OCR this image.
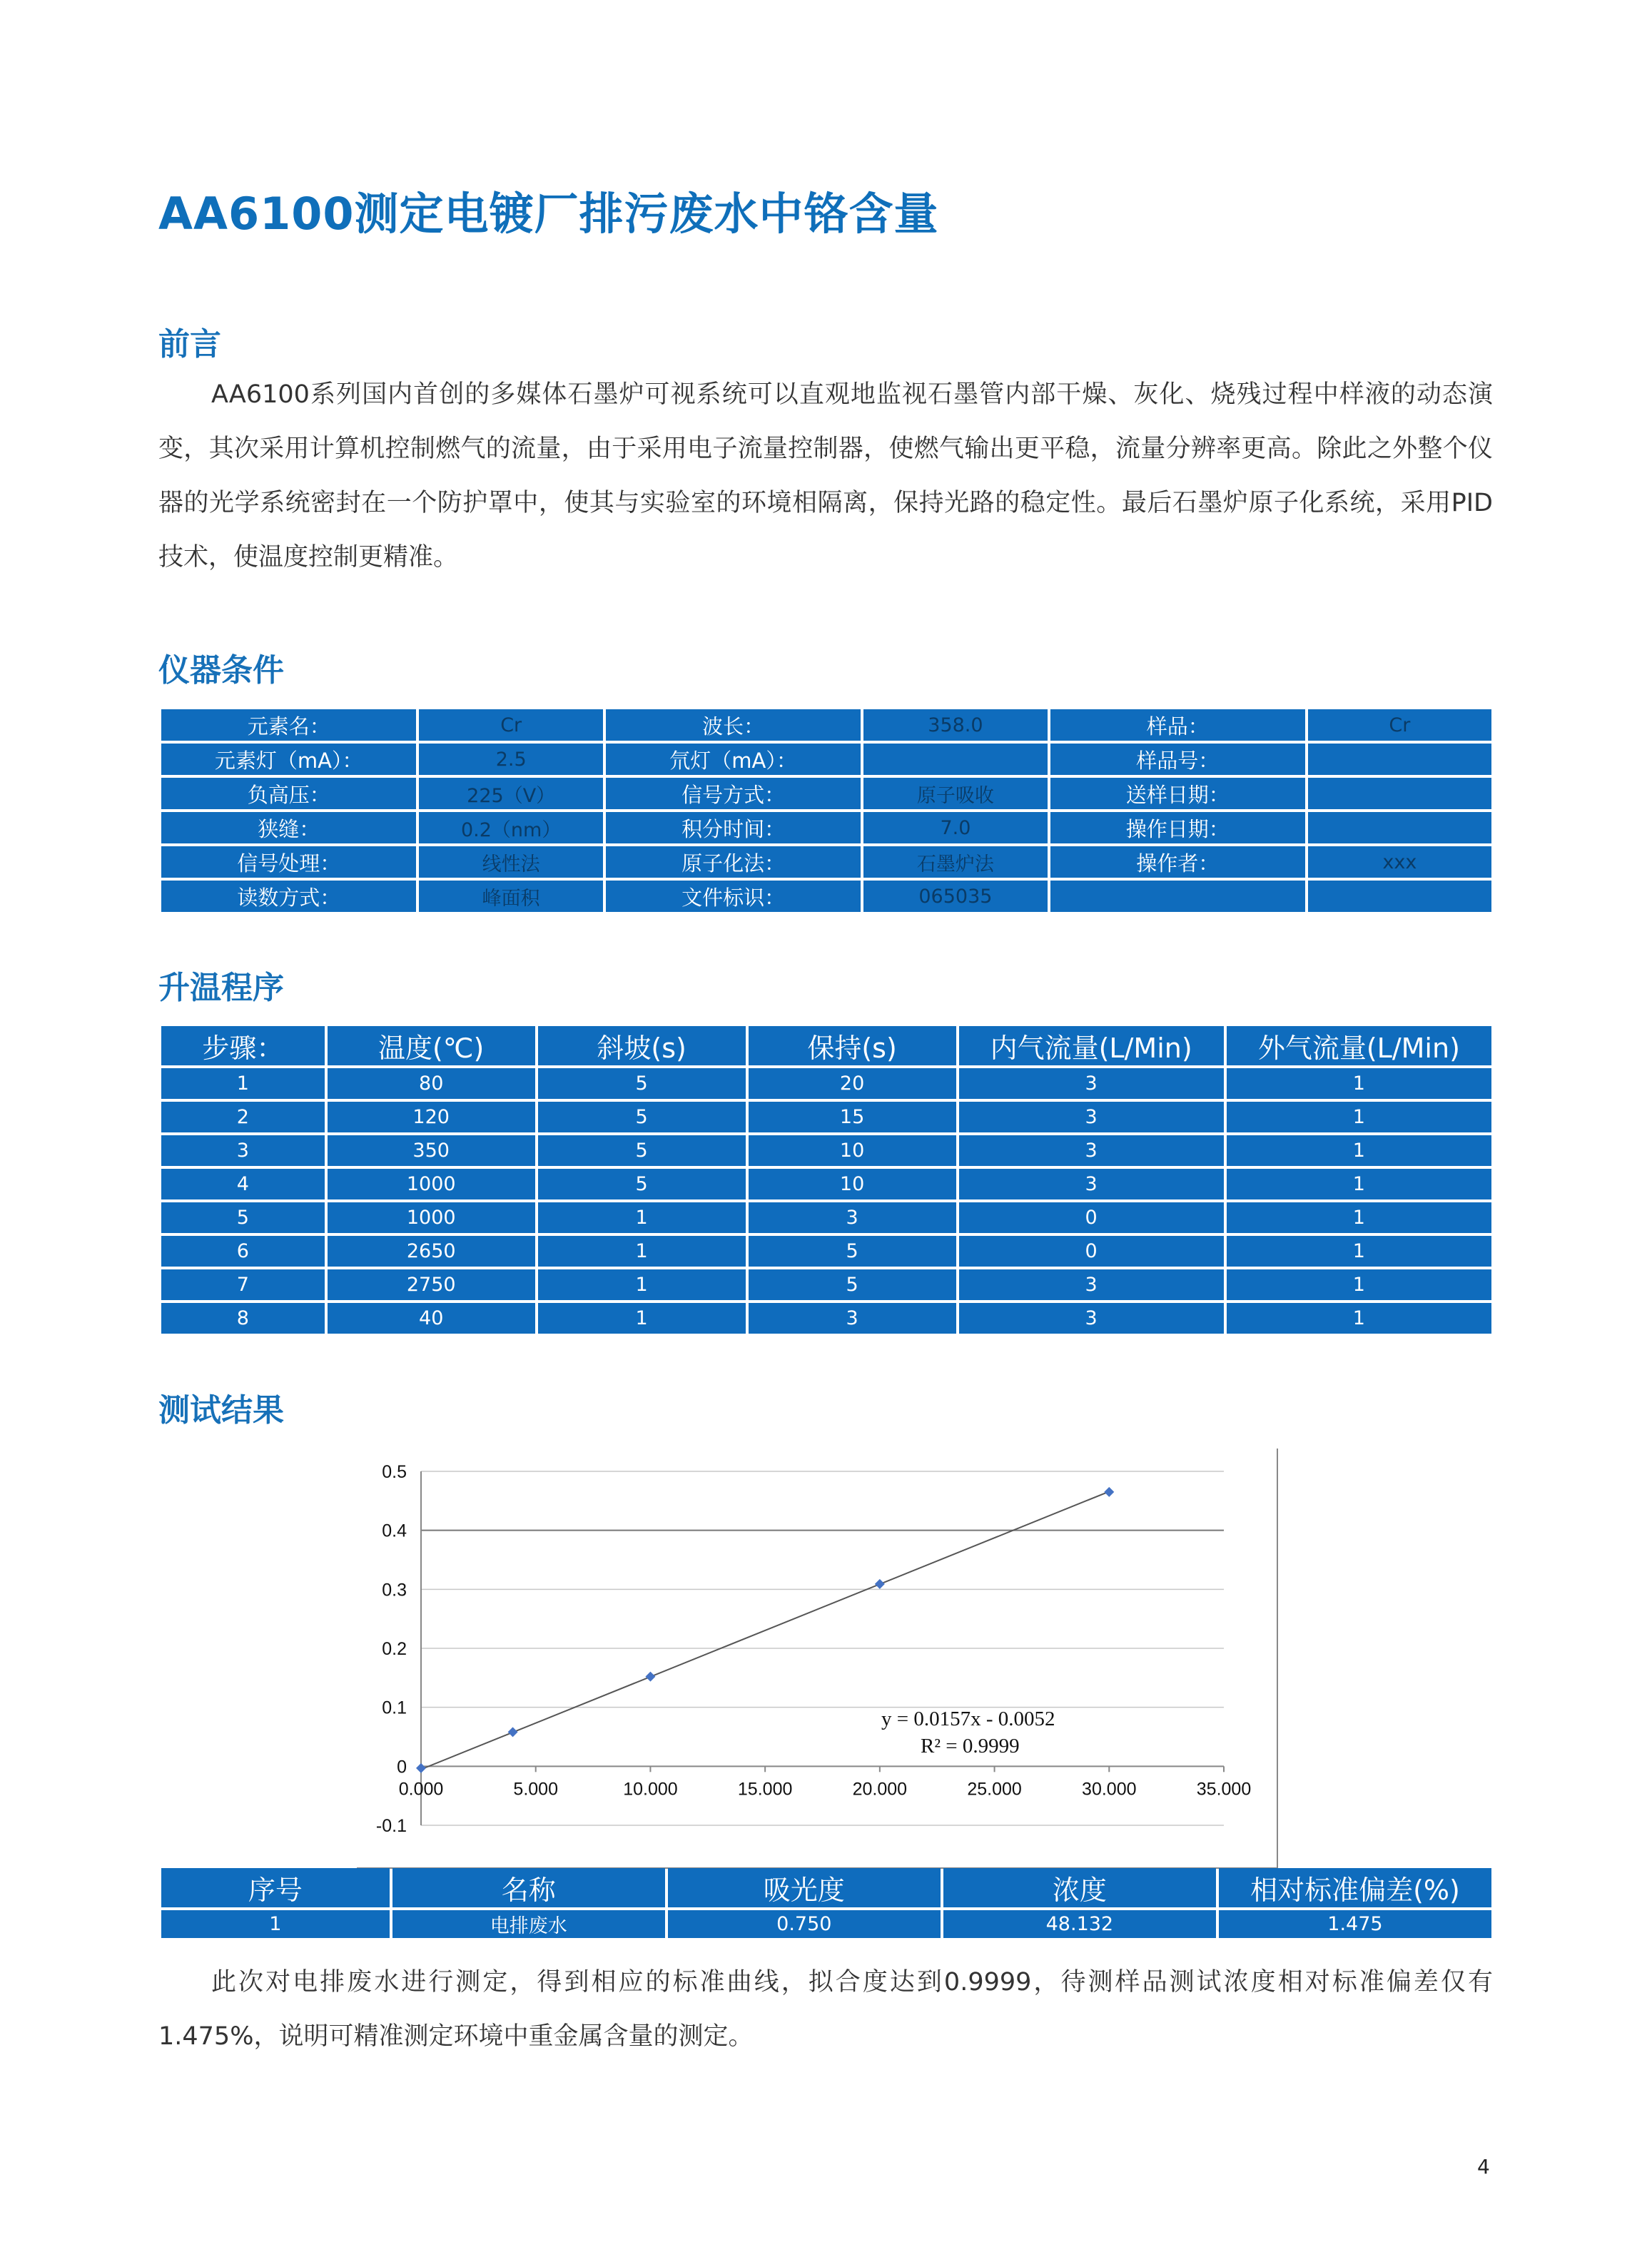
AA6100测定电镀厂排污废水中铬含量
前言
AA6100系列国内首创的多媒体石墨炉可视系统可以直观地监视石墨管内部干燥、灰化、烧残过程中样液的动态演变，其次采用计算机控制燃气的流量，由于采用电子流量控制器，使燃气输出更平稳，流量分辨率更高。除此之外整个仪器的光学系统密封在一个防护罩中，使其与实验室的环境相隔离，保持光路的稳定性。最后石墨炉原子化系统，采用PID技术，使温度控制更精准。
仪器条件
元素名：	Cr	波长：	358.0	样品：	Cr
元素灯（mA）：	2.5	氘灯（mA）：		样品号：	
负高压：	225（V）	信号方式：	原子吸收	送样日期：	
狭缝：	0.2（nm）	积分时间：	7.0	操作日期：	
信号处理：	线性法	原子化法：	石墨炉法	操作者：	xxx
读数方式：	峰面积	文件标识：	065035		
升温程序
步骤：	温度(℃)	斜坡(s)	保持(s)	内气流量(L/Min)	外气流量(L/Min)
1	80	5	20	3	1
2	120	5	15	3	1
3	350	5	10	3	1
4	1000	5	10	3	1
5	1000	1	3	0	1
6	2650	1	5	0	1
7	2750	1	5	3	1
8	40	1	3	3	1
测试结果
-0.1
0
0.1
0.2
0.3
0.4
0.5
0.000	5.000	10.000	15.000	20.000	25.000	30.000	35.000
y = 0.0157x - 0.0052
R² = 0.9999
序号	名称	吸光度	浓度	相对标准偏差(%)
1	电排废水	0.750	48.132	1.475
此次对电排废水进行测定，得到相应的标准曲线，拟合度达到0.9999，待测样品测试浓度相对标准偏差仅有1.475%，说明可精准测定环境中重金属含量的测定。
4
